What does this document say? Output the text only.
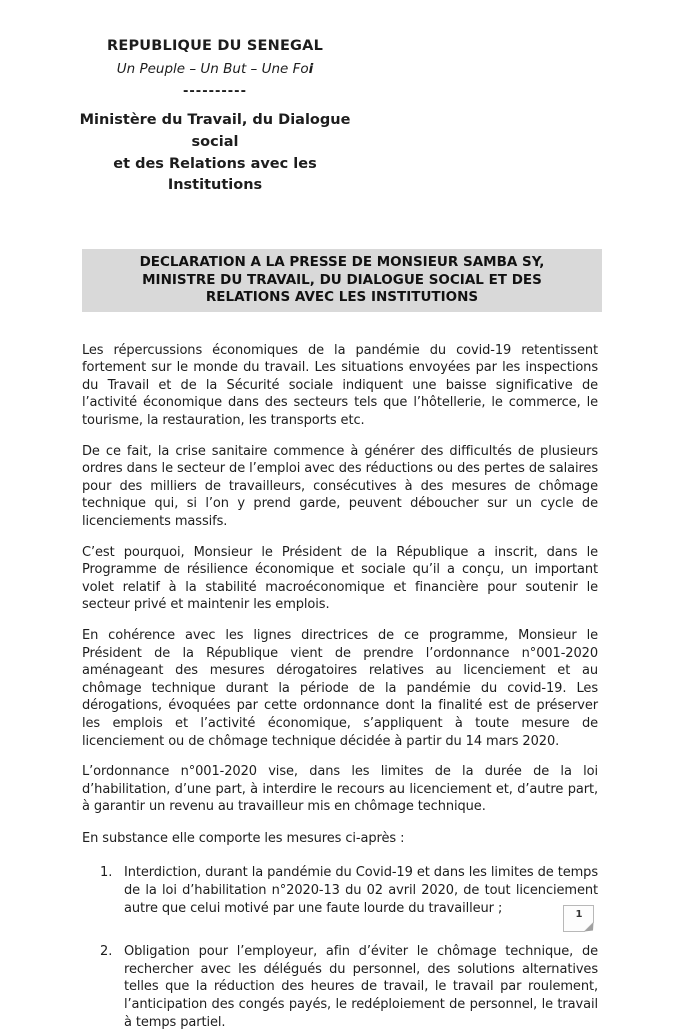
REPUBLIQUE DU SENEGAL
Un Peuple – Un But – Une Foi
----------
Ministère du Travail, du Dialogue social
et des Relations avec les Institutions
DECLARATION A LA PRESSE DE MONSIEUR SAMBA SY, MINISTRE DU TRAVAIL, DU DIALOGUE SOCIAL ET DES RELATIONS AVEC LES INSTITUTIONS

Les répercussions économiques de la pandémie du covid-19 retentissent fortement sur le monde du travail. Les situations envoyées par les inspections du Travail et de la Sécurité sociale indiquent une baisse significative de l’activité économique dans des secteurs tels que l’hôtellerie, le commerce, le tourisme, la restauration, les transports etc.

De ce fait, la crise sanitaire commence à générer des difficultés de plusieurs ordres dans le secteur de l’emploi avec des réductions ou des pertes de salaires pour des milliers de travailleurs, consécutives à des mesures de chômage technique qui, si l’on y prend garde, peuvent déboucher sur un cycle de licenciements massifs.

C’est pourquoi, Monsieur le Président de la République a inscrit, dans le Programme de résilience économique et sociale qu’il a conçu, un important volet relatif à la stabilité macroéconomique et financière pour soutenir le secteur privé et maintenir les emplois.

En cohérence avec les lignes directrices de ce programme, Monsieur le Président de la République vient de prendre l’ordonnance n°001-2020 aménageant des mesures dérogatoires relatives au licenciement et au chômage technique durant la période de la pandémie du covid-19. Les dérogations, évoquées par cette ordonnance dont la finalité est de préserver les emplois et l’activité économique, s’appliquent à toute mesure de licenciement ou de chômage technique décidée à partir du 14 mars 2020.

L’ordonnance n°001-2020 vise, dans les limites de la durée de la loi d’habilitation, d’une part, à interdire le recours au licenciement et, d’autre part, à garantir un revenu au travailleur mis en chômage technique.

En substance elle comporte les mesures ci-après :

1. Interdiction, durant la pandémie du Covid-19 et dans les limites de temps de la loi d’habilitation n°2020-13 du 02 avril 2020, de tout licenciement autre que celui motivé par une faute lourde du travailleur ;
2. Obligation pour l’employeur, afin d’éviter le chômage technique, de rechercher avec les délégués du personnel, des solutions alternatives telles que la réduction des heures de travail, le travail par roulement, l’anticipation des congés payés, le redéploiement de personnel, le travail à temps partiel.
1
